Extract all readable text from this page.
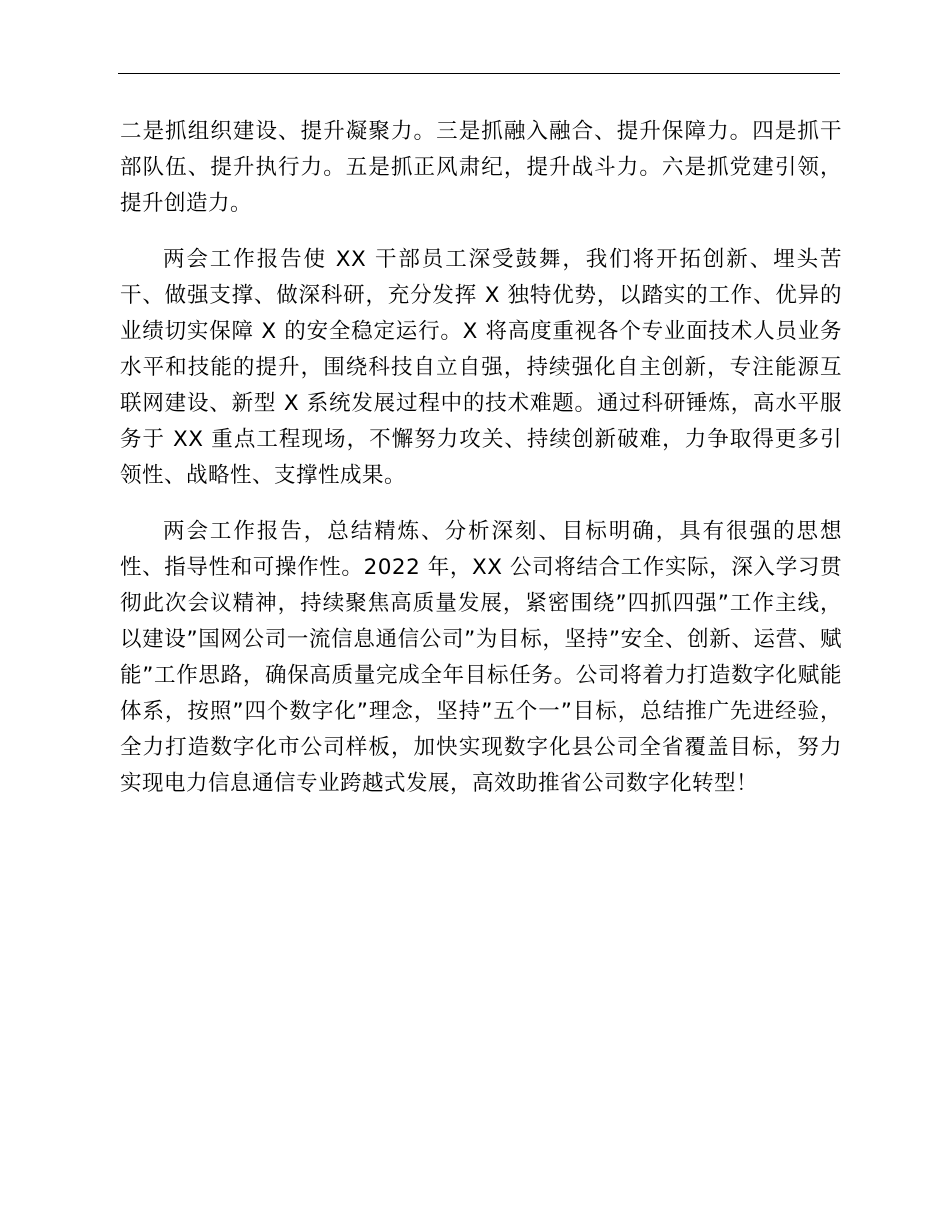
二是抓组织建设、提升凝聚力。三是抓融入融合、提升保障力。四是抓干部队伍、提升执行力。五是抓正风肃纪，提升战斗力。六是抓党建引领，提升创造力。

两会工作报告使 XX 干部员工深受鼓舞，我们将开拓创新、埋头苦干、做强支撑、做深科研，充分发挥 X 独特优势，以踏实的工作、优异的业绩切实保障 X 的安全稳定运行。X 将高度重视各个专业面技术人员业务水平和技能的提升，围绕科技自立自强，持续强化自主创新，专注能源互联网建设、新型 X 系统发展过程中的技术难题。通过科研锤炼，高水平服务于 XX 重点工程现场，不懈努力攻关、持续创新破难，力争取得更多引领性、战略性、支撑性成果。

两会工作报告，总结精炼、分析深刻、目标明确，具有很强的思想性、指导性和可操作性。2022 年，XX 公司将结合工作实际，深入学习贯彻此次会议精神，持续聚焦高质量发展，紧密围绕”四抓四强”工作主线，以建设”国网公司一流信息通信公司”为目标，坚持”安全、创新、运营、赋能”工作思路，确保高质量完成全年目标任务。公司将着力打造数字化赋能体系，按照”四个数字化”理念，坚持”五个一”目标，总结推广先进经验，全力打造数字化市公司样板，加快实现数字化县公司全省覆盖目标，努力实现电力信息通信专业跨越式发展，高效助推省公司数字化转型！
